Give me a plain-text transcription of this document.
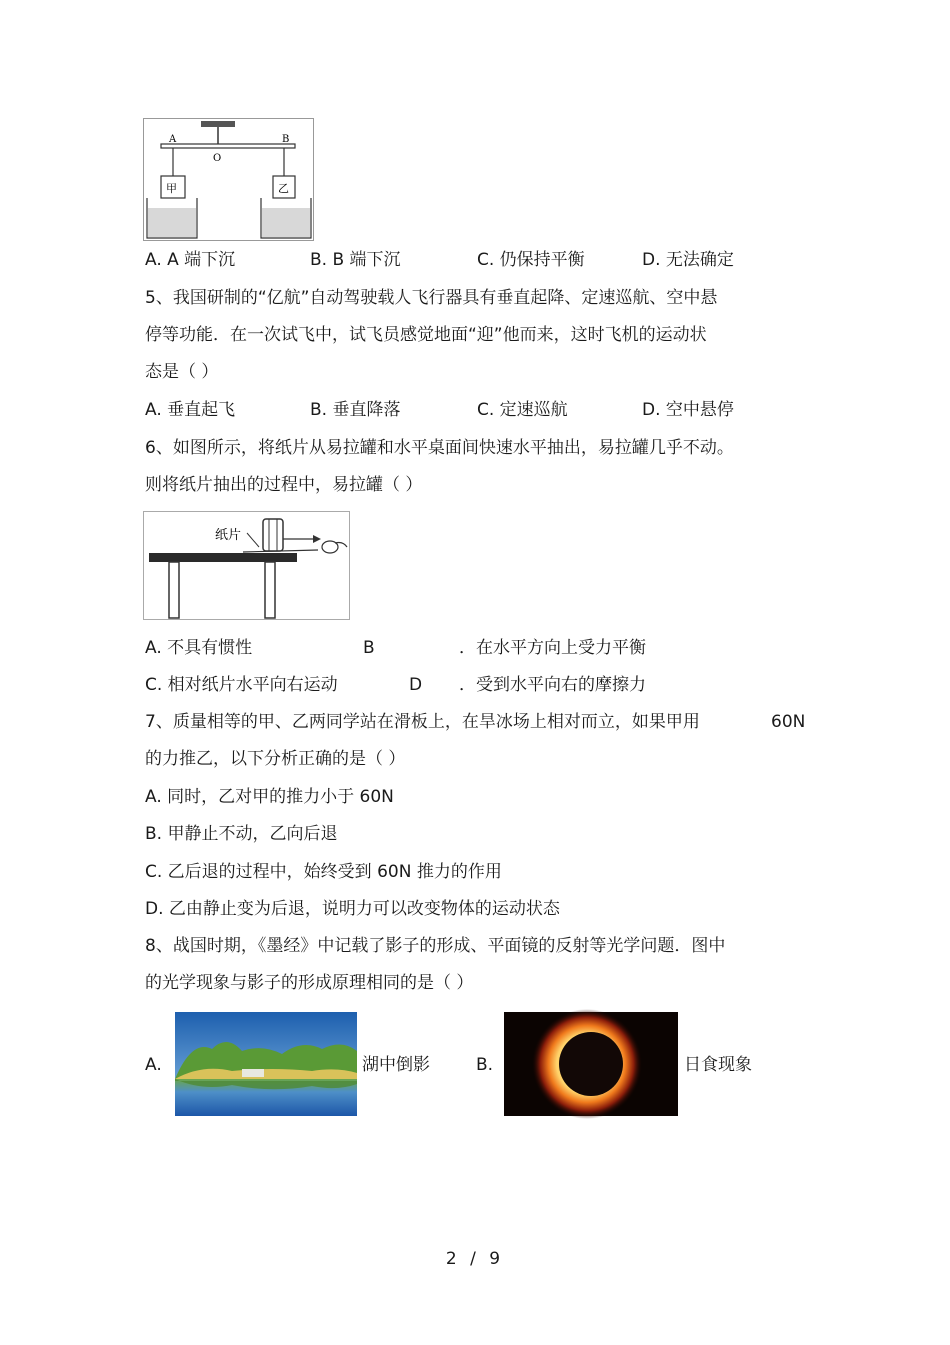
A	B
O
甲	乙
A. A 端下沉	B. B 端下沉	C. 仍保持平衡	D. 无法确定
5、我国研制的“亿航”自动驾驶载人飞行器具有垂直起降、定速巡航、空中悬
停等功能．在一次试飞中，试飞员感觉地面“迎”他而来，这时飞机的运动状
态是（ ）
A. 垂直起飞	B. 垂直降落	C. 定速巡航	D. 空中悬停
6、如图所示，将纸片从易拉罐和水平桌面间快速水平抽出，易拉罐几乎不动。
则将纸片抽出的过程中，易拉罐（ ）
纸片
A. 不具有惯性	B	．在水平方向上受力平衡
C. 相对纸片水平向右运动	D ．受到水平向右的摩擦力
7、质量相等的甲、乙两同学站在滑板上，在旱冰场上相对而立，如果甲用	60N
的力推乙，以下分析正确的是（ ）
A. 同时，乙对甲的推力小于 60N
B. 甲静止不动，乙向后退
C. 乙后退的过程中，始终受到 60N 推力的作用
D. 乙由静止变为后退，说明力可以改变物体的运动状态
8、战国时期，《墨经》中记载了影子的形成、平面镜的反射等光学问题．图中
的光学现象与影子的形成原理相同的是（ ）
A.	湖中倒影	B.	日食现象
2 / 9
